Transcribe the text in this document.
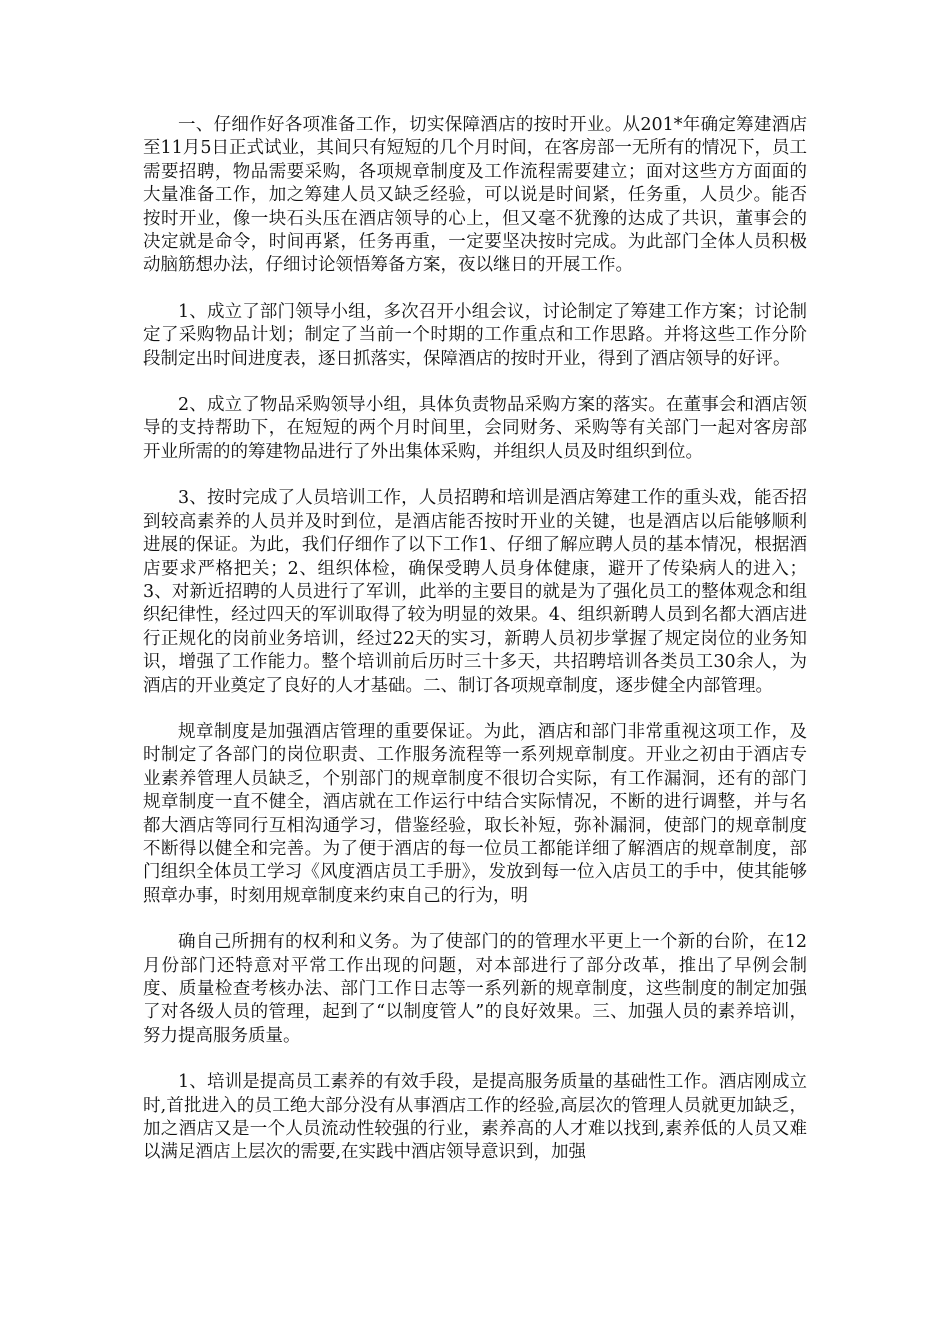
一、仔细作好各项准备工作，切实保障酒店的按时开业。从201*年确定筹建酒店至11月5日正式试业，其间只有短短的几个月时间，在客房部一无所有的情况下，员工需要招聘，物品需要采购，各项规章制度及工作流程需要建立；面对这些方方面面的大量准备工作，加之筹建人员又缺乏经验，可以说是时间紧，任务重，人员少。能否按时开业，像一块石头压在酒店领导的心上，但又毫不犹豫的达成了共识，董事会的决定就是命令，时间再紧，任务再重，一定要坚决按时完成。为此部门全体人员积极动脑筋想办法，仔细讨论领悟筹备方案，夜以继日的开展工作。

1、成立了部门领导小组，多次召开小组会议，讨论制定了筹建工作方案；讨论制定了采购物品计划；制定了当前一个时期的工作重点和工作思路。并将这些工作分阶段制定出时间进度表，逐日抓落实，保障酒店的按时开业，得到了酒店领导的好评。

2、成立了物品采购领导小组，具体负责物品采购方案的落实。在董事会和酒店领导的支持帮助下，在短短的两个月时间里，会同财务、采购等有关部门一起对客房部开业所需的的筹建物品进行了外出集体采购，并组织人员及时组织到位。

3、按时完成了人员培训工作，人员招聘和培训是酒店筹建工作的重头戏，能否招到较高素养的人员并及时到位，是酒店能否按时开业的关键，也是酒店以后能够顺利进展的保证。为此，我们仔细作了以下工作1、仔细了解应聘人员的基本情况，根据酒店要求严格把关；2、组织体检，确保受聘人员身体健康，避开了传染病人的进入；3、对新近招聘的人员进行了军训，此举的主要目的就是为了强化员工的整体观念和组织纪律性，经过四天的军训取得了较为明显的效果。4、组织新聘人员到名都大酒店进行正规化的岗前业务培训，经过22天的实习，新聘人员初步掌握了规定岗位的业务知识，增强了工作能力。整个培训前后历时三十多天，共招聘培训各类员工30余人，为酒店的开业奠定了良好的人才基础。二、制订各项规章制度，逐步健全内部管理。

规章制度是加强酒店管理的重要保证。为此，酒店和部门非常重视这项工作，及时制定了各部门的岗位职责、工作服务流程等一系列规章制度。开业之初由于酒店专业素养管理人员缺乏，个别部门的规章制度不很切合实际，有工作漏洞，还有的部门规章制度一直不健全，酒店就在工作运行中结合实际情况，不断的进行调整，并与名都大酒店等同行互相沟通学习，借鉴经验，取长补短，弥补漏洞，使部门的规章制度不断得以健全和完善。为了便于酒店的每一位员工都能详细了解酒店的规章制度，部门组织全体员工学习《风度酒店员工手册》，发放到每一位入店员工的手中，使其能够照章办事，时刻用规章制度来约束自己的行为，明

确自己所拥有的权利和义务。为了使部门的的管理水平更上一个新的台阶，在12月份部门还特意对平常工作出现的问题，对本部进行了部分改革，推出了早例会制度、质量检查考核办法、部门工作日志等一系列新的规章制度，这些制度的制定加强了对各级人员的管理，起到了“以制度管人”的良好效果。三、加强人员的素养培训，努力提高服务质量。

1、培训是提高员工素养的有效手段，是提高服务质量的基础性工作。酒店刚成立时,首批进入的员工绝大部分没有从事酒店工作的经验,高层次的管理人员就更加缺乏，加之酒店又是一个人员流动性较强的行业，素养高的人才难以找到,素养低的人员又难以满足酒店上层次的需要,在实践中酒店领导意识到，加强
